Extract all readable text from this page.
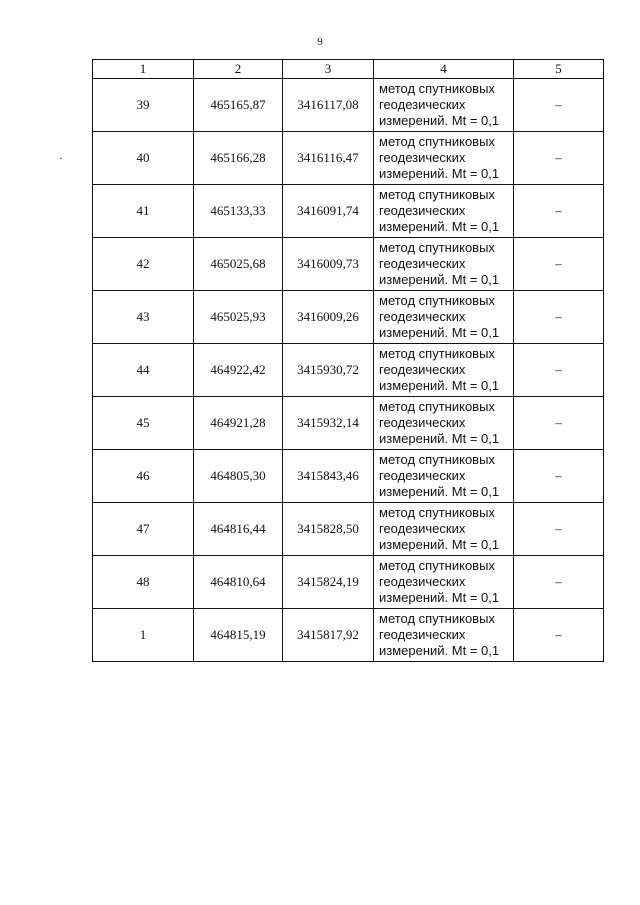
9
1	2	3	4	5
39	465165,87	3416117,08	метод спутниковых
геодезических
измерений. Mt = 0,1	–
40	465166,28	3416116,47	метод спутниковых
геодезических
измерений. Mt = 0,1	–
41	465133,33	3416091,74	метод спутниковых
геодезических
измерений. Mt = 0,1	–
42	465025,68	3416009,73	метод спутниковых
геодезических
измерений. Mt = 0,1	–
43	465025,93	3416009,26	метод спутниковых
геодезических
измерений. Mt = 0,1	–
44	464922,42	3415930,72	метод спутниковых
геодезических
измерений. Mt = 0,1	–
45	464921,28	3415932,14	метод спутниковых
геодезических
измерений. Mt = 0,1	–
46	464805,30	3415843,46	метод спутниковых
геодезических
измерений. Mt = 0,1	–
47	464816,44	3415828,50	метод спутниковых
геодезических
измерений. Mt = 0,1	–
48	464810,64	3415824,19	метод спутниковых
геодезических
измерений. Mt = 0,1	–
1	464815,19	3415817,92	метод спутниковых
геодезических
измерений. Mt = 0,1	–
